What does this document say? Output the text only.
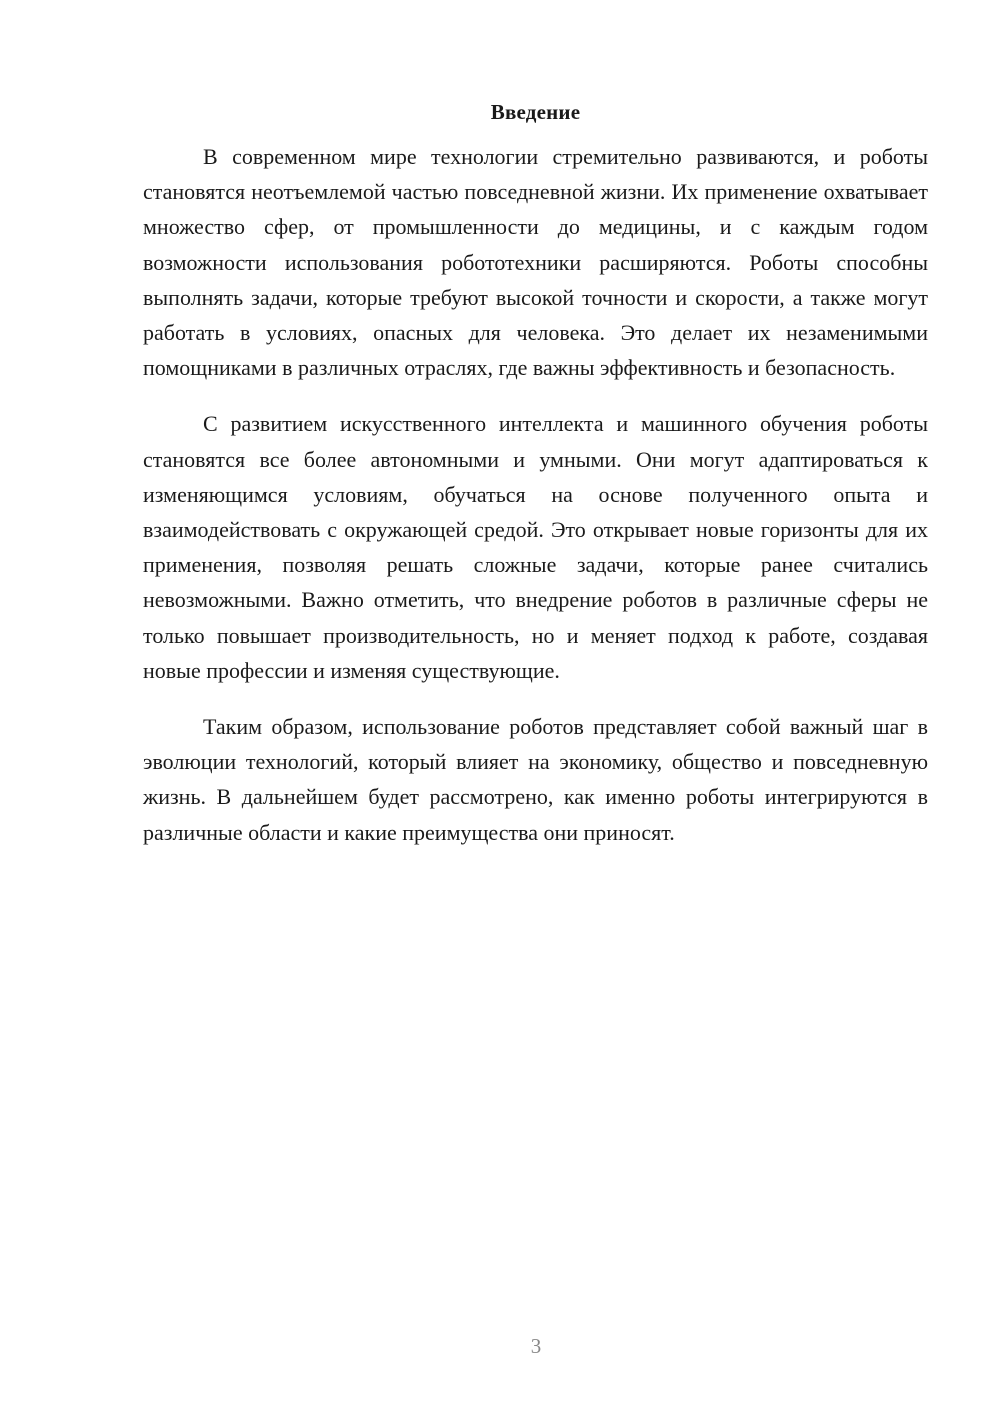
Введение

В современном мире технологии стремительно развиваются, и роботы становятся неотъемлемой частью повседневной жизни. Их применение охватывает множество сфер, от промышленности до медицины, и с каждым годом возможности использования робототехники расширяются. Роботы способны выполнять задачи, которые требуют высокой точности и скорости, а также могут работать в условиях, опасных для человека. Это делает их незаменимыми помощниками в различных отраслях, где важны эффективность и безопасность.

С развитием искусственного интеллекта и машинного обучения роботы становятся все более автономными и умными. Они могут адаптироваться к изменяющимся условиям, обучаться на основе полученного опыта и взаимодействовать с окружающей средой. Это открывает новые горизонты для их применения, позволяя решать сложные задачи, которые ранее считались невозможными. Важно отметить, что внедрение роботов в различные сферы не только повышает производительность, но и меняет подход к работе, создавая новые профессии и изменяя существующие.

Таким образом, использование роботов представляет собой важный шаг в эволюции технологий, который влияет на экономику, общество и повседневную жизнь. В дальнейшем будет рассмотрено, как именно роботы интегрируются в различные области и какие преимущества они приносят.

3
